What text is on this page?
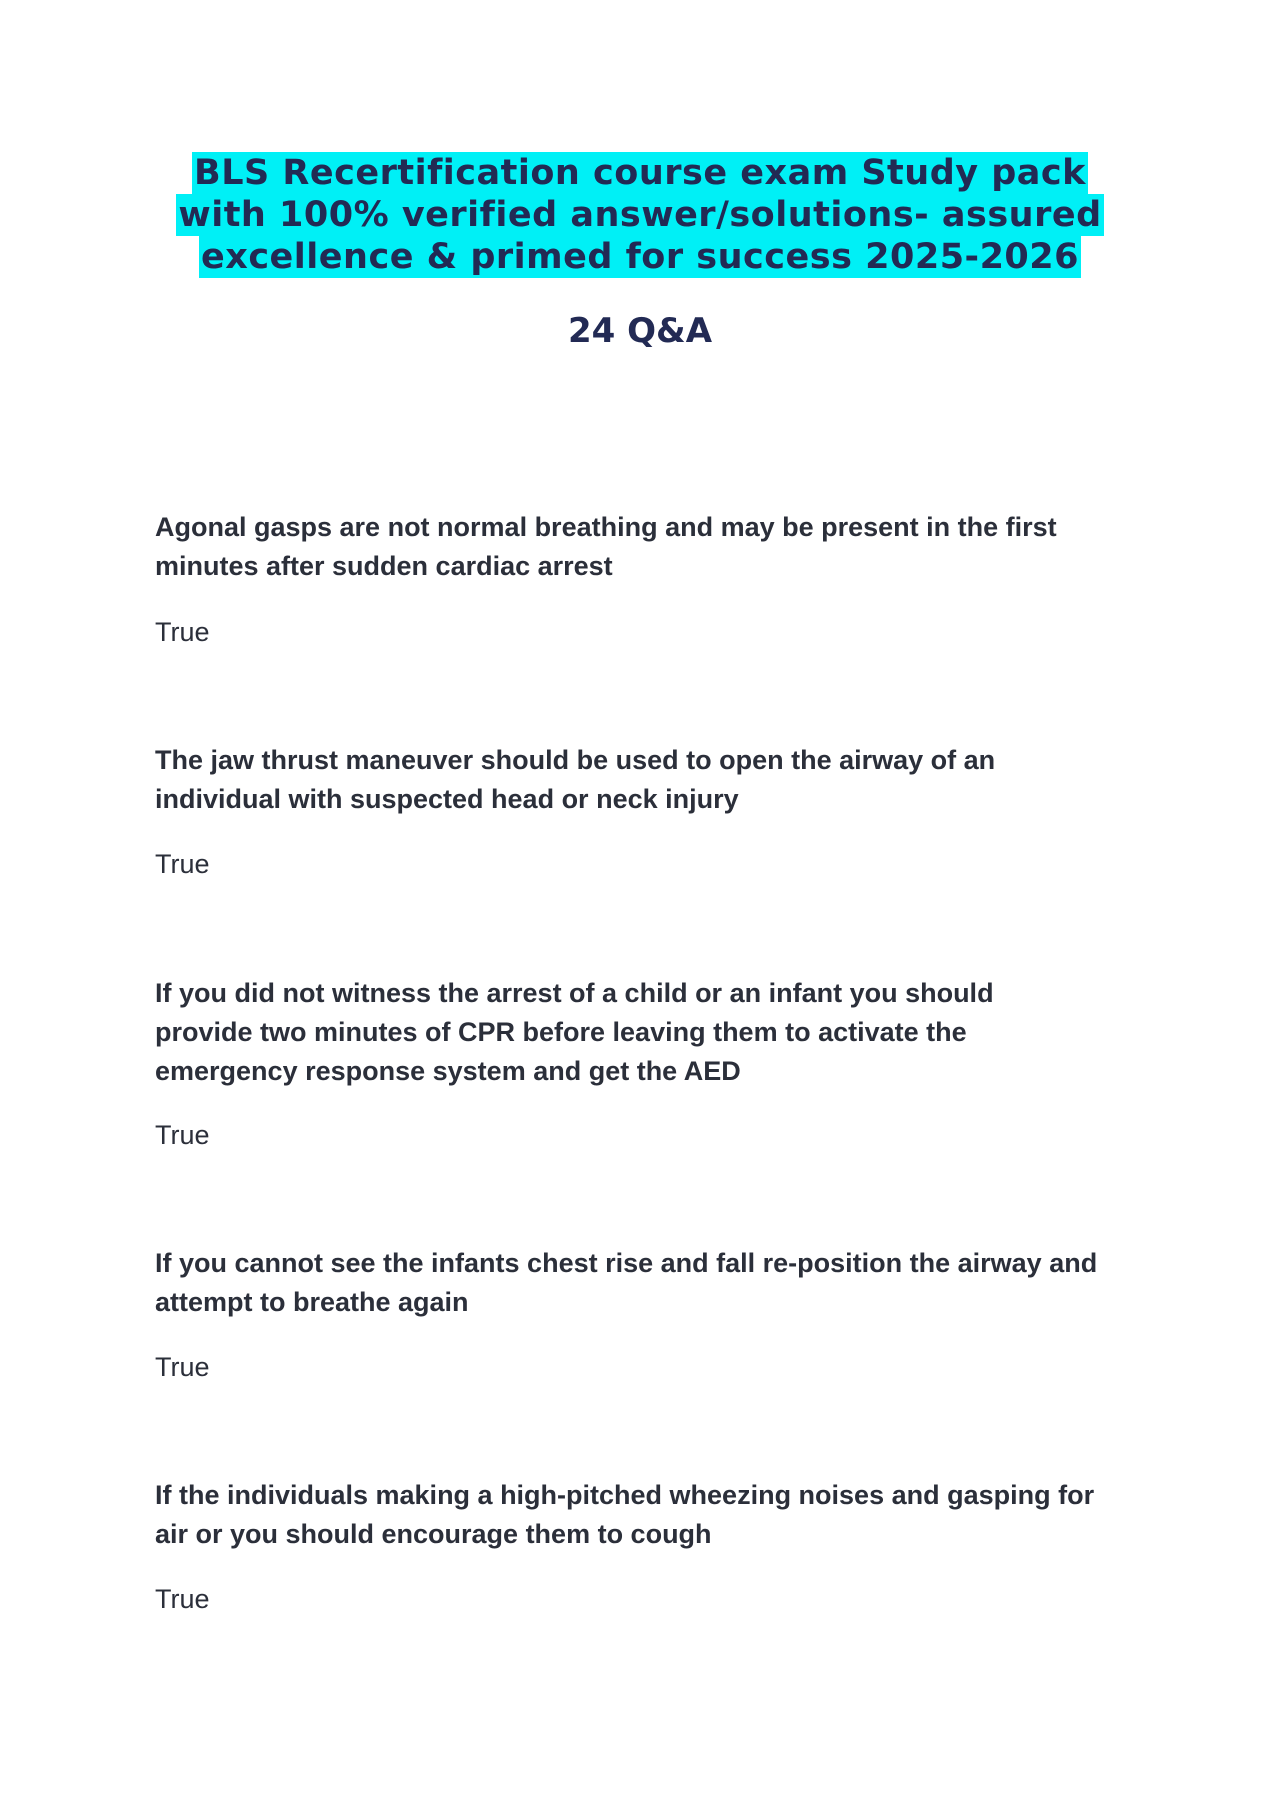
BLS Recertification course exam Study pack
with 100% verified answer/solutions- assured
excellence & primed for success 2025-2026
24 Q&A

Agonal gasps are not normal breathing and may be present in the first minutes after sudden cardiac arrest

True

The jaw thrust maneuver should be used to open the airway of an individual with suspected head or neck injury

True

If you did not witness the arrest of a child or an infant you should provide two minutes of CPR before leaving them to activate the emergency response system and get the AED

True

If you cannot see the infants chest rise and fall re-position the airway and attempt to breathe again

True

If the individuals making a high-pitched wheezing noises and gasping for air or you should encourage them to cough

True
